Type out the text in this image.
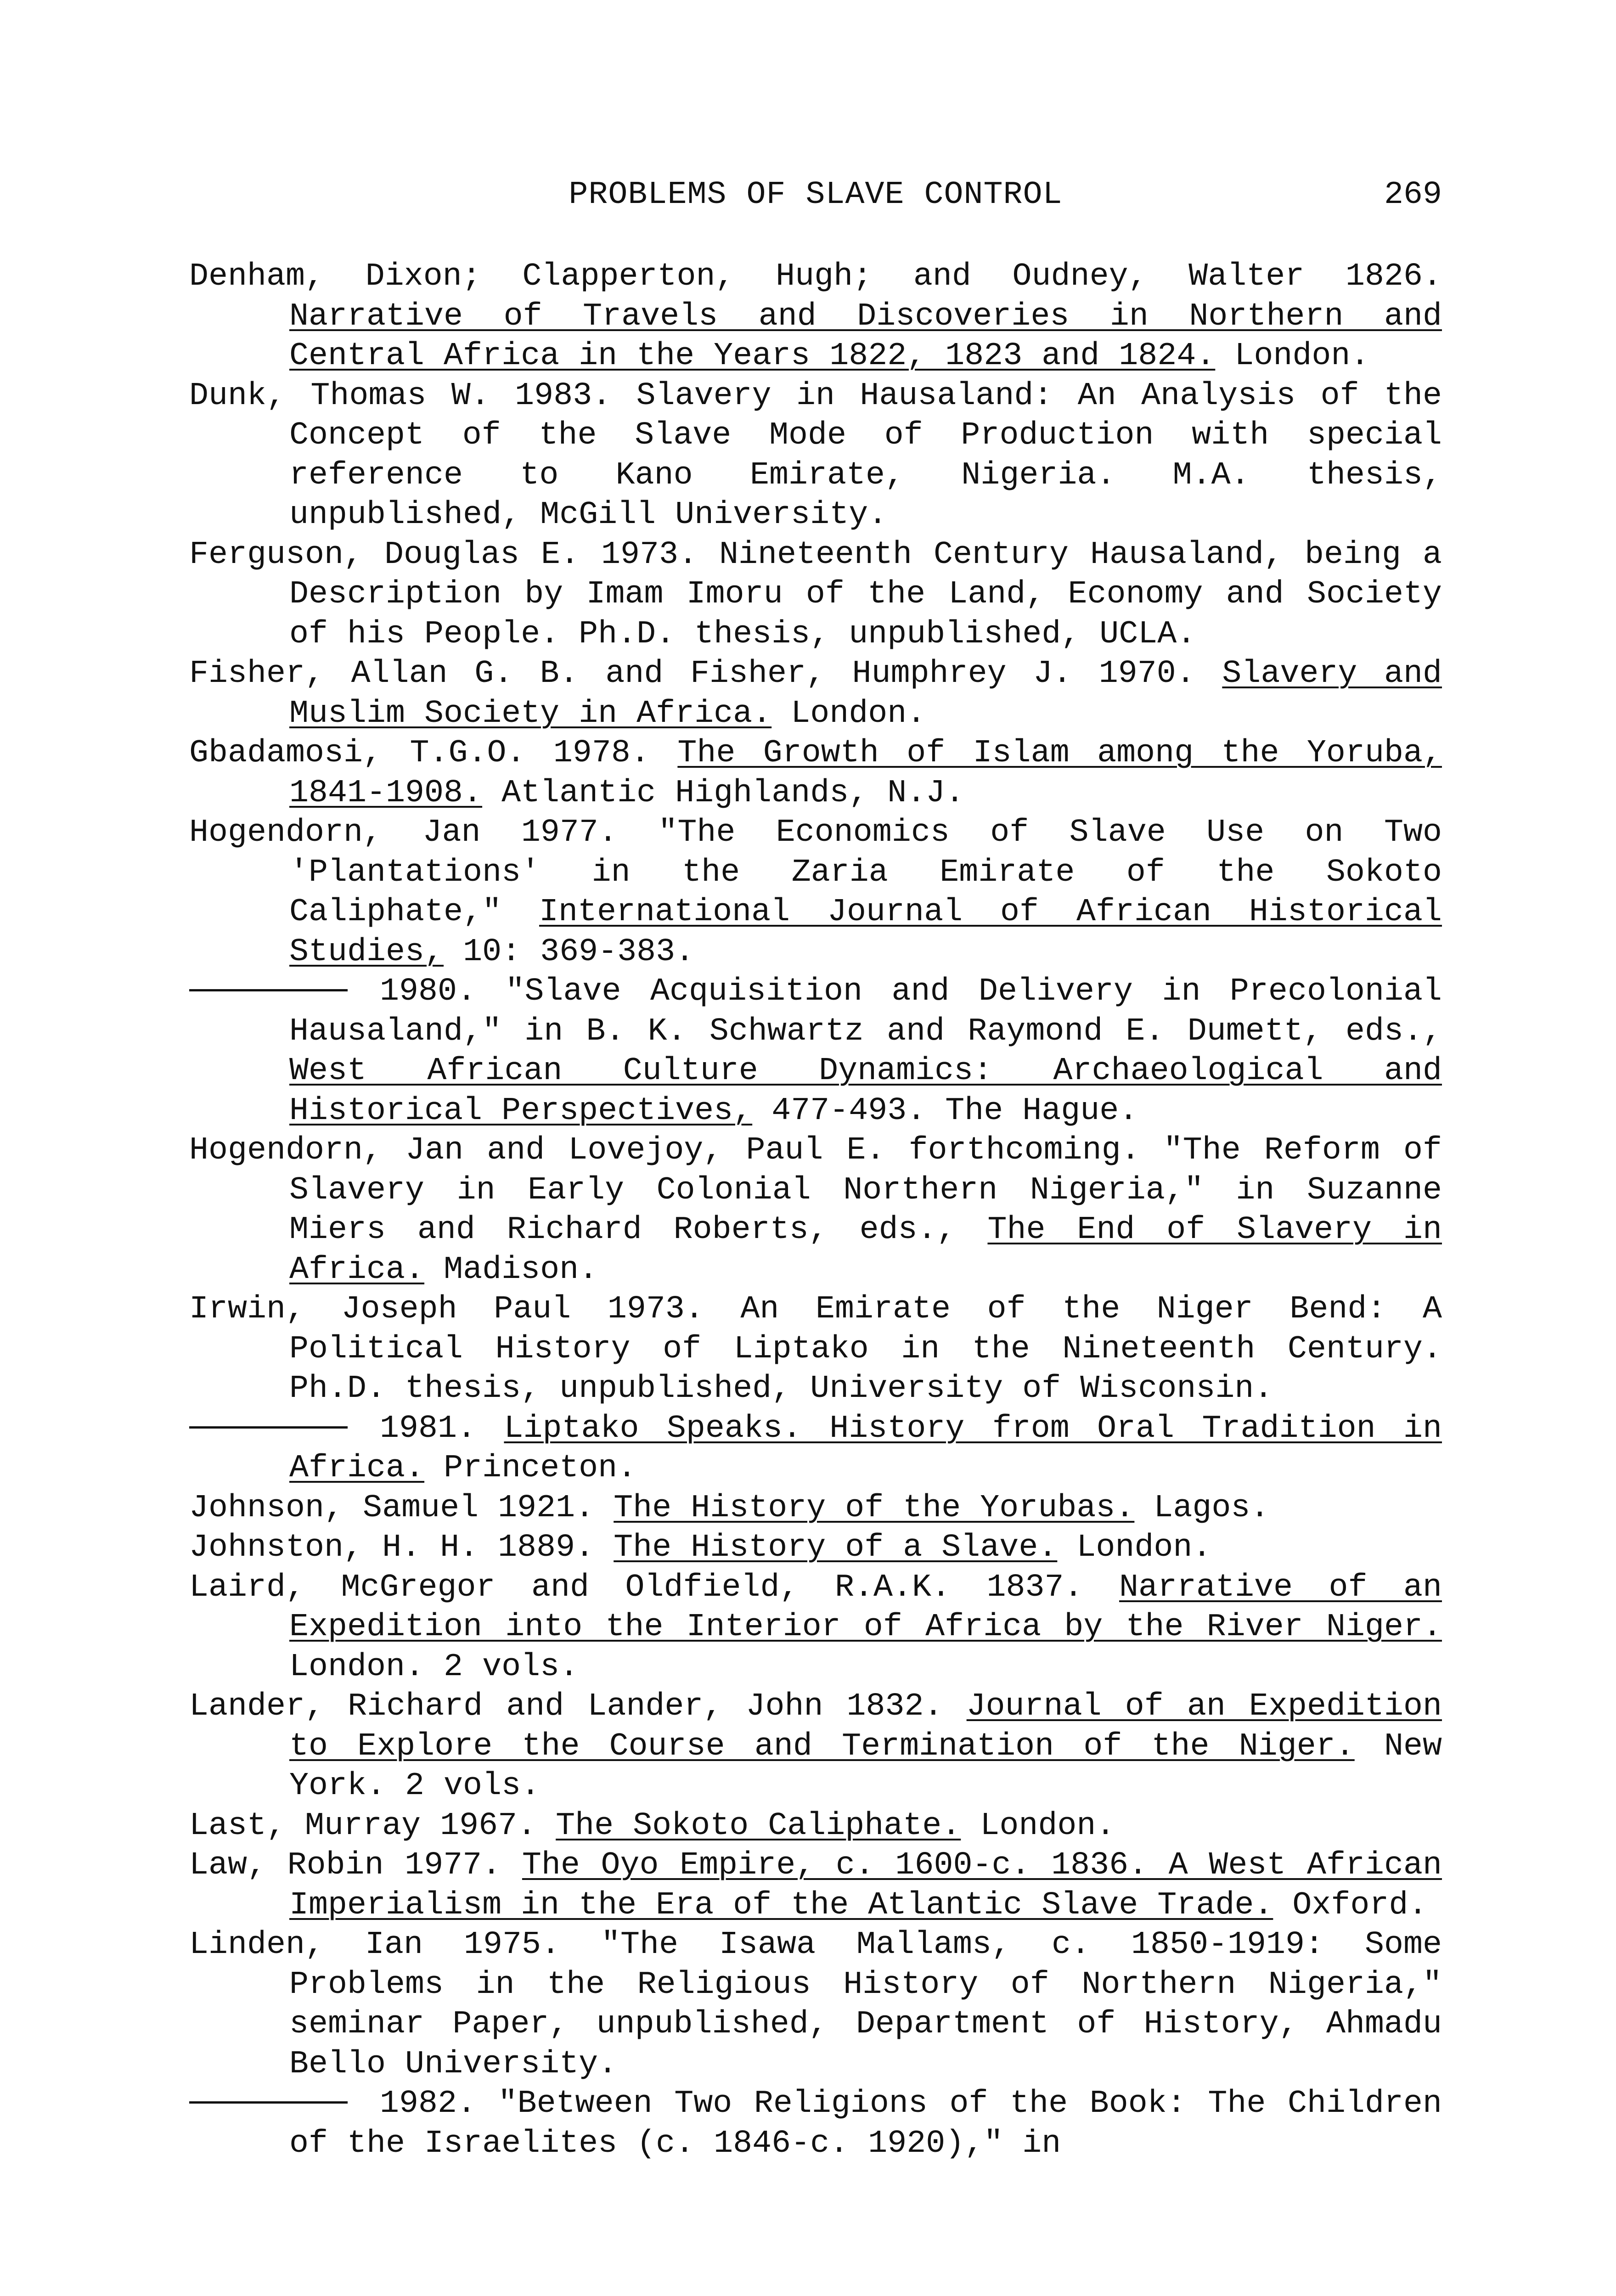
PROBLEMS OF SLAVE CONTROL	269
Denham, Dixon; Clapperton, Hugh; and Oudney, Walter 1826. Narrative of Travels and Discoveries in Northern and Central Africa in the Years 1822, 1823 and 1824. London.
Dunk, Thomas W. 1983. Slavery in Hausaland: An Analysis of the Concept of the Slave Mode of Production with special reference to Kano Emirate, Nigeria. M.A. thesis, unpublished, McGill University.
Ferguson, Douglas E. 1973. Nineteenth Century Hausaland, being a Description by Imam Imoru of the Land, Economy and Society of his People. Ph.D. thesis, unpublished, UCLA.
Fisher, Allan G. B. and Fisher, Humphrey J. 1970. Slavery and Muslim Society in Africa. London.
Gbadamosi, T.G.O. 1978. The Growth of Islam among the Yoruba, 1841-1908. Atlantic Highlands, N.J.
Hogendorn, Jan 1977. "The Economics of Slave Use on Two 'Plantations' in the Zaria Emirate of the Sokoto Caliphate," International Journal of African Historical Studies, 10: 369-383.
1980. "Slave Acquisition and Delivery in Precolonial Hausaland," in B. K. Schwartz and Raymond E. Dumett, eds., West African Culture Dynamics: Archaeological and Historical Perspectives, 477-493. The Hague.
Hogendorn, Jan and Lovejoy, Paul E. forthcoming. "The Reform of Slavery in Early Colonial Northern Nigeria," in Suzanne Miers and Richard Roberts, eds., The End of Slavery in Africa. Madison.
Irwin, Joseph Paul 1973. An Emirate of the Niger Bend: A Political History of Liptako in the Nineteenth Century. Ph.D. thesis, unpublished, University of Wisconsin.
1981. Liptako Speaks. History from Oral Tradition in Africa. Princeton.
Johnson, Samuel 1921. The History of the Yorubas. Lagos.
Johnston, H. H. 1889. The History of a Slave. London.
Laird, McGregor and Oldfield, R.A.K. 1837. Narrative of an Expedition into the Interior of Africa by the River Niger. London. 2 vols.
Lander, Richard and Lander, John 1832. Journal of an Expedition to Explore the Course and Termination of the Niger. New York. 2 vols.
Last, Murray 1967. The Sokoto Caliphate. London.
Law, Robin 1977. The Oyo Empire, c. 1600-c. 1836. A West African Imperialism in the Era of the Atlantic Slave Trade. Oxford.
Linden, Ian 1975. "The Isawa Mallams, c. 1850-1919: Some Problems in the Religious History of Northern Nigeria," seminar Paper, unpublished, Department of History, Ahmadu Bello University.
1982. "Between Two Religions of the Book: The Children of the Israelites (c. 1846-c. 1920)," in
